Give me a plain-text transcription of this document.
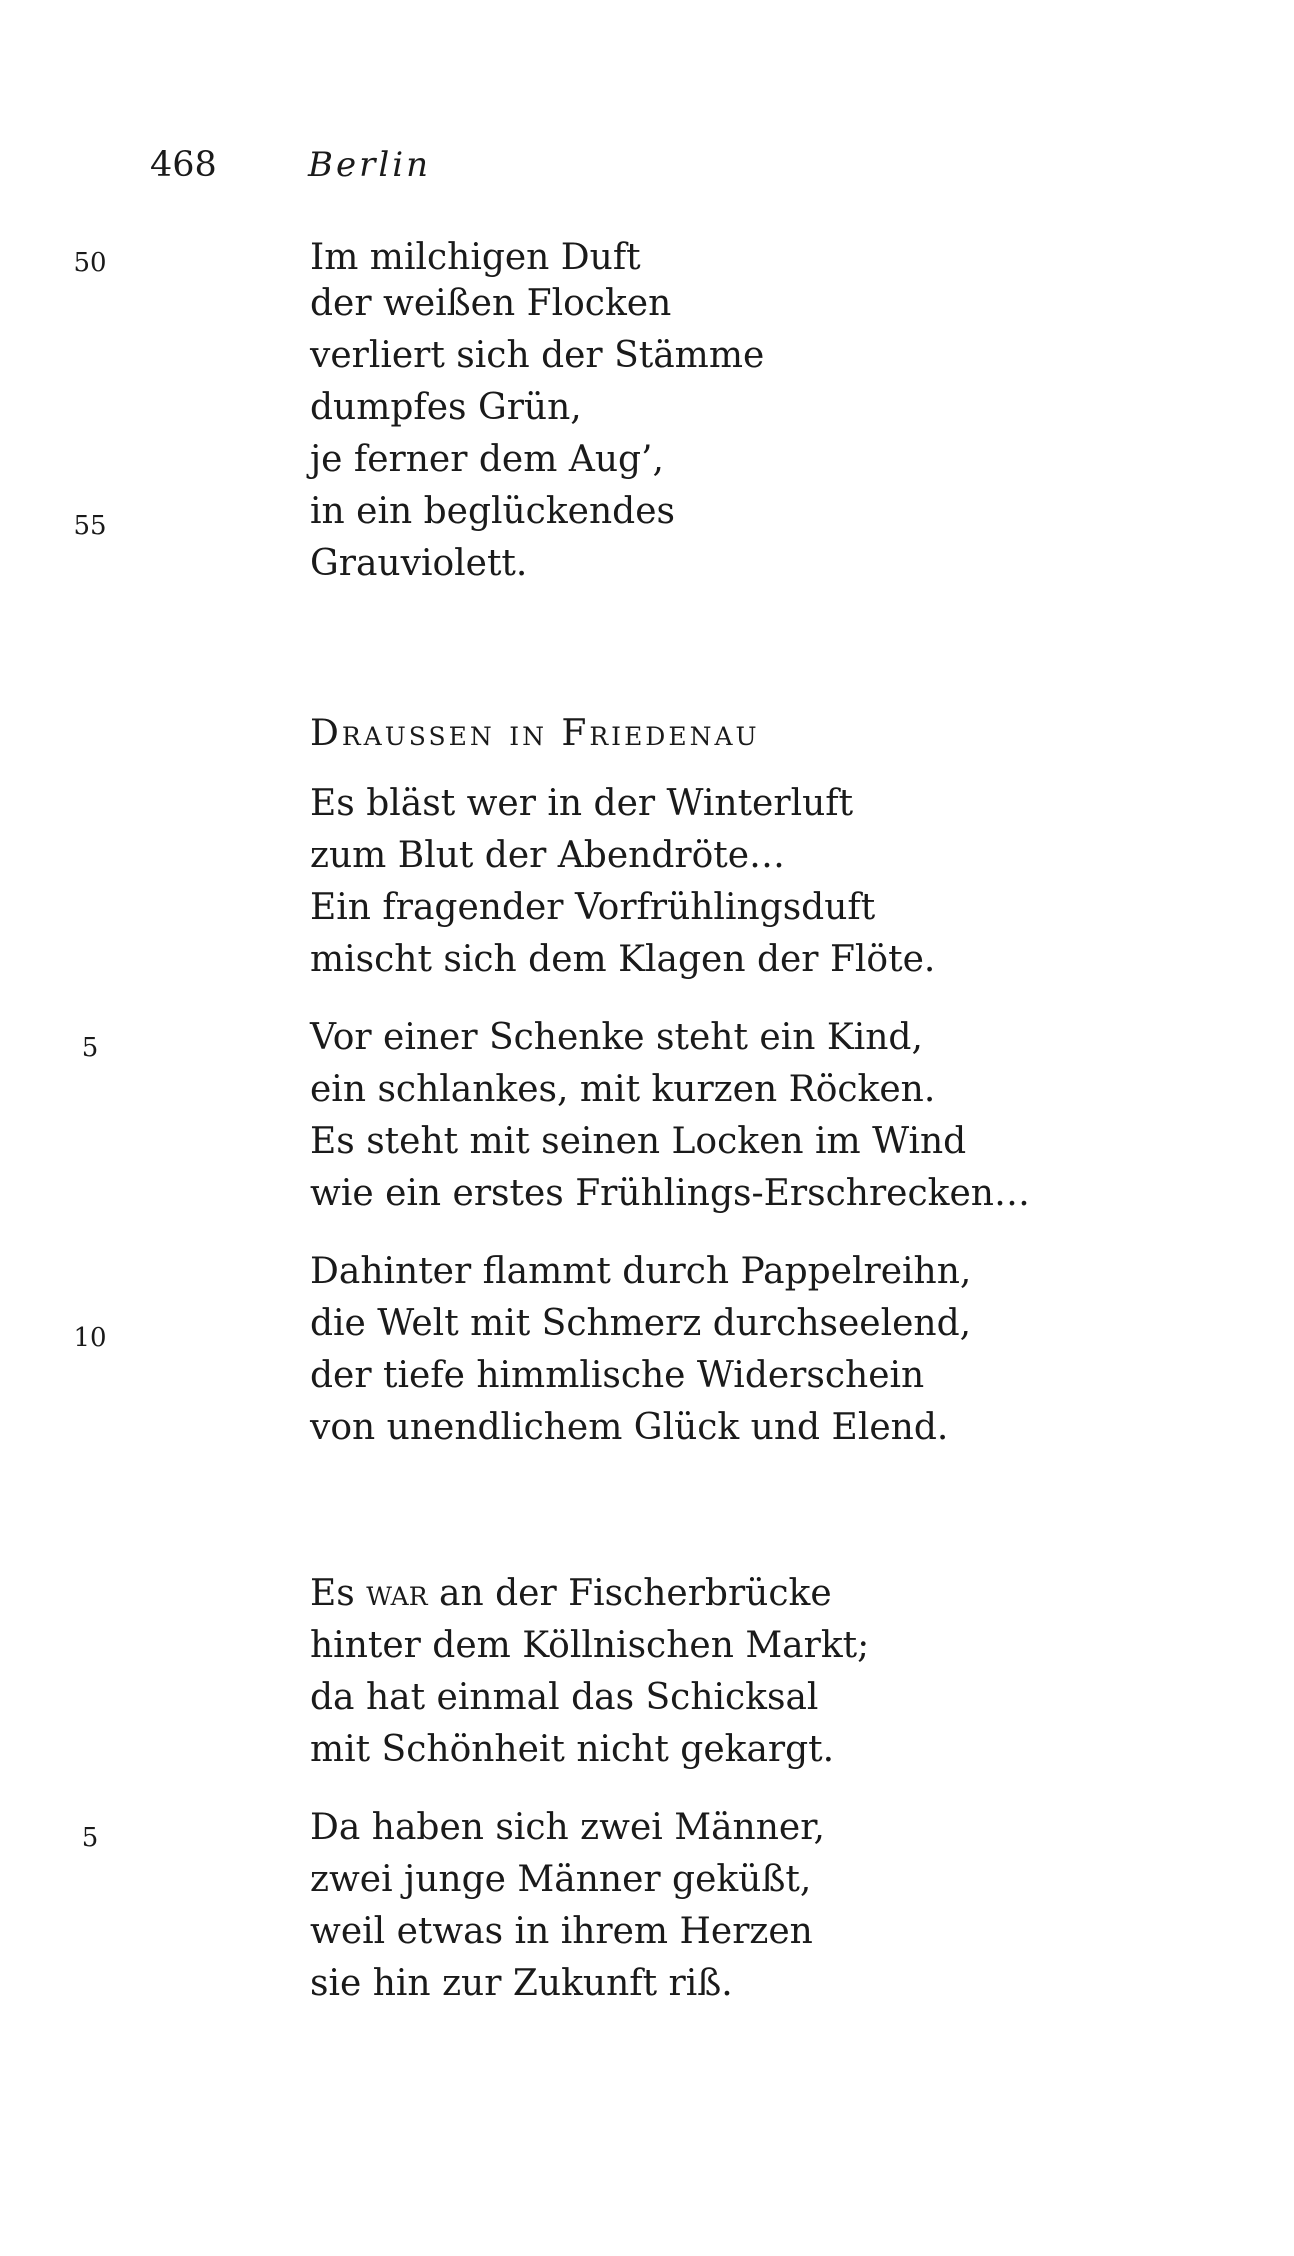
468	Berlin
50	Im milchigen Duft
der weißen Flocken
verliert sich der Stämme
dumpfes Grün,
je ferner dem Aug’,
55	in ein beglückendes
Grauviolett.
Draussen in Friedenau
Es bläst wer in der Winterluft
zum Blut der Abendröte…
Ein fragender Vorfrühlingsduft
mischt sich dem Klagen der Flöte.
5	Vor einer Schenke steht ein Kind,
ein schlankes, mit kurzen Röcken.
Es steht mit seinen Locken im Wind
wie ein erstes Frühlings-Erschrecken…
Dahinter flammt durch Pappelreihn,
10	die Welt mit Schmerz durchseelend,
der tiefe himmlische Widerschein
von unendlichem Glück und Elend.
Es war an der Fischerbrücke
hinter dem Köllnischen Markt;
da hat einmal das Schicksal
mit Schönheit nicht gekargt.
5	Da haben sich zwei Männer,
zwei junge Männer geküßt,
weil etwas in ihrem Herzen
sie hin zur Zukunft riß.
